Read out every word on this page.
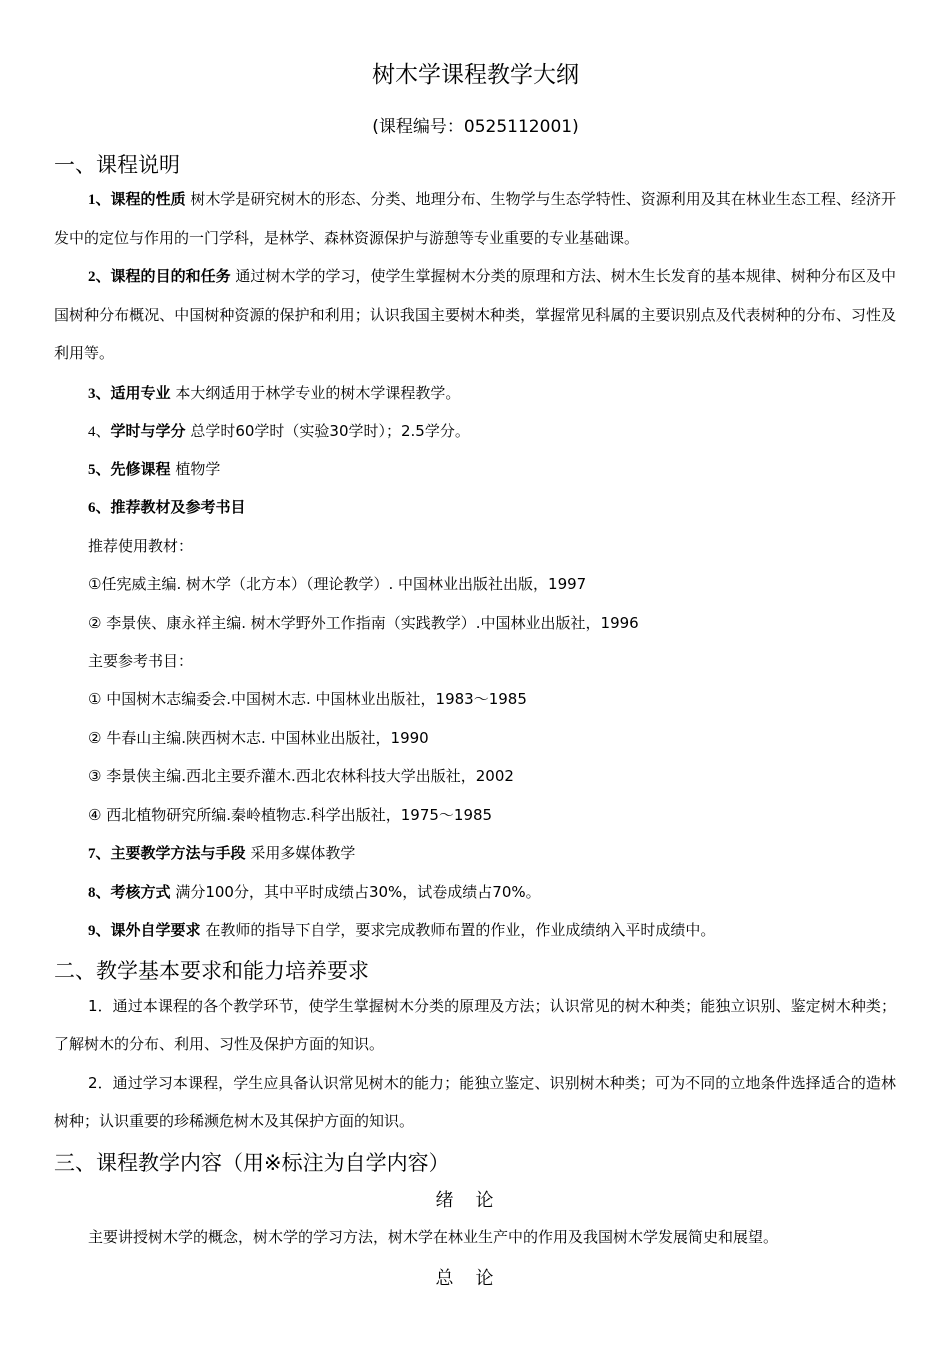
树木学课程教学大纲
(课程编号：0525112001)
一、课程说明
1、课程的性质 树木学是研究树木的形态、分类、地理分布、生物学与生态学特性、资源利用及其在林业生态工程、经济开发中的定位与作用的一门学科，是林学、森林资源保护与游憩等专业重要的专业基础课。
2、课程的目的和任务 通过树木学的学习，使学生掌握树木分类的原理和方法、树木生长发育的基本规律、树种分布区及中国树种分布概况、中国树种资源的保护和利用；认识我国主要树木种类，掌握常见科属的主要识别点及代表树种的分布、习性及利用等。
3、适用专业 本大纲适用于林学专业的树木学课程教学。
4、学时与学分 总学时60学时（实验30学时）；2.5学分。
5、先修课程 植物学
6、推荐教材及参考书目
推荐使用教材：
①任宪威主编. 树木学（北方本）（理论教学）. 中国林业出版社出版，1997
② 李景侠、康永祥主编. 树木学野外工作指南（实践教学）.中国林业出版社，1996
主要参考书目：
① 中国树木志编委会.中国树木志. 中国林业出版社，1983～1985
② 牛春山主编.陕西树木志. 中国林业出版社，1990
③ 李景侠主编.西北主要乔灌木.西北农林科技大学出版社，2002
④ 西北植物研究所编.秦岭植物志.科学出版社，1975～1985
7、主要教学方法与手段 采用多媒体教学
8、考核方式 满分100分，其中平时成绩占30%，试卷成绩占70%。
9、课外自学要求 在教师的指导下自学，要求完成教师布置的作业，作业成绩纳入平时成绩中。
二、教学基本要求和能力培养要求
1．通过本课程的各个教学环节，使学生掌握树木分类的原理及方法；认识常见的树木种类；能独立识别、鉴定树木种类；了解树木的分布、利用、习性及保护方面的知识。
2．通过学习本课程，学生应具备认识常见树木的能力；能独立鉴定、识别树木种类；可为不同的立地条件选择适合的造林树种；认识重要的珍稀濒危树木及其保护方面的知识。
三、课程教学内容（用※标注为自学内容）
绪论
主要讲授树木学的概念，树木学的学习方法，树木学在林业生产中的作用及我国树木学发展简史和展望。
总论
